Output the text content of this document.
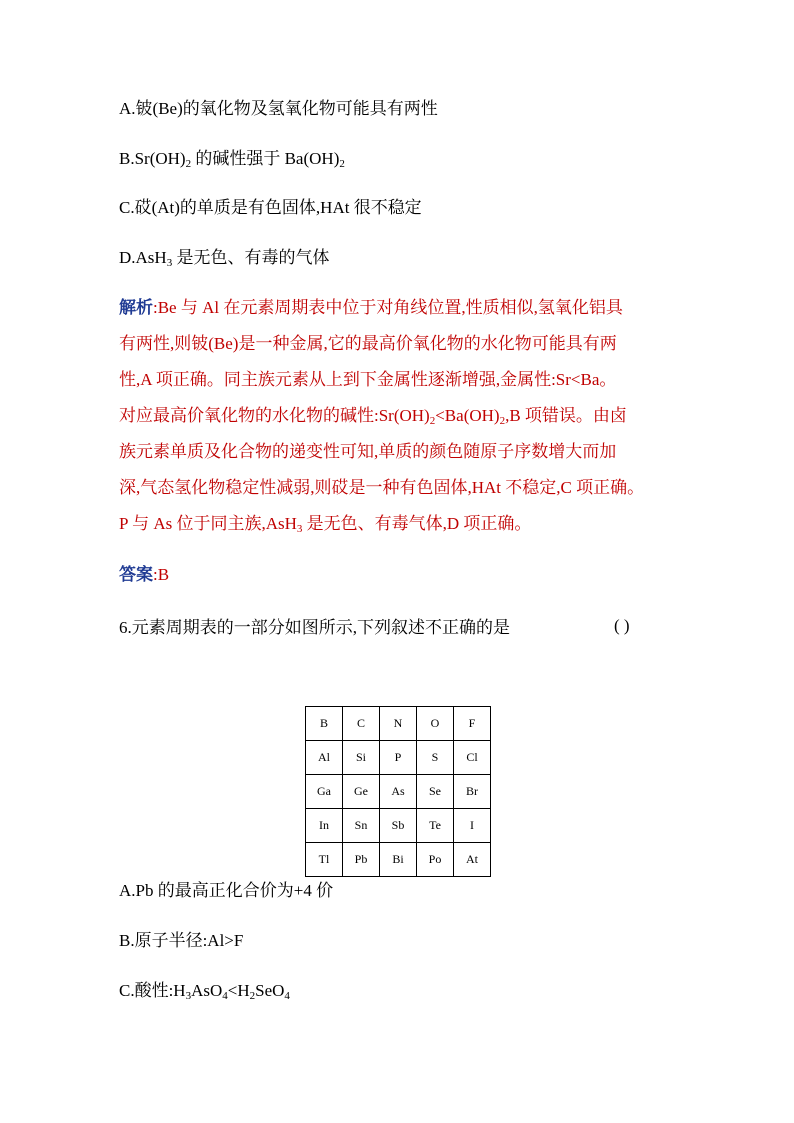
A.铍(Be)的氧化物及氢氧化物可能具有两性
$B.Sr(OH)_2$ 的碱性强于 $Ba(OH)_2$
C.砹(At)的单质是有色固体,HAt 很不稳定
D.AsH$_3$ 是无色、有毒的气体
解析:Be 与 Al 在元素周期表中位于对角线位置,性质相似,氢氧化铝具
有两性,则铍(Be)是一种金属,它的最高价氧化物的水化物可能具有两
性,A 项正确。同主族元素从上到下金属性逐渐增强,金属性:Sr<Ba。
对应最高价氧化物的水化物的碱性$:Sr(OH)_2<Ba(OH)_2,B$ 项错误。由卤
族元素单质及化合物的递变性可知,单质的颜色随原子序数增大而加
深,气态氢化物稳定性减弱,则砹是一种有色固体,HAt 不稳定,C 项正确。
P 与 As 位于同主族,AsH$_3$ 是无色、有毒气体,D 项正确。
答案:B
6.元素周期表的一部分如图所示,下列叙述不正确的是	( )
B	C	N	O	F
Al	Si	P	S	Cl
Ga	Ge	As	Se	Br
In	Sn	Sb	Te	I
Tl	Pb	Bi	Po	At
A.Pb 的最高正化合价为+4 价
B.原子半径:Al>F
C.酸性$:H_3AsO_4<H_2SeO_4$
